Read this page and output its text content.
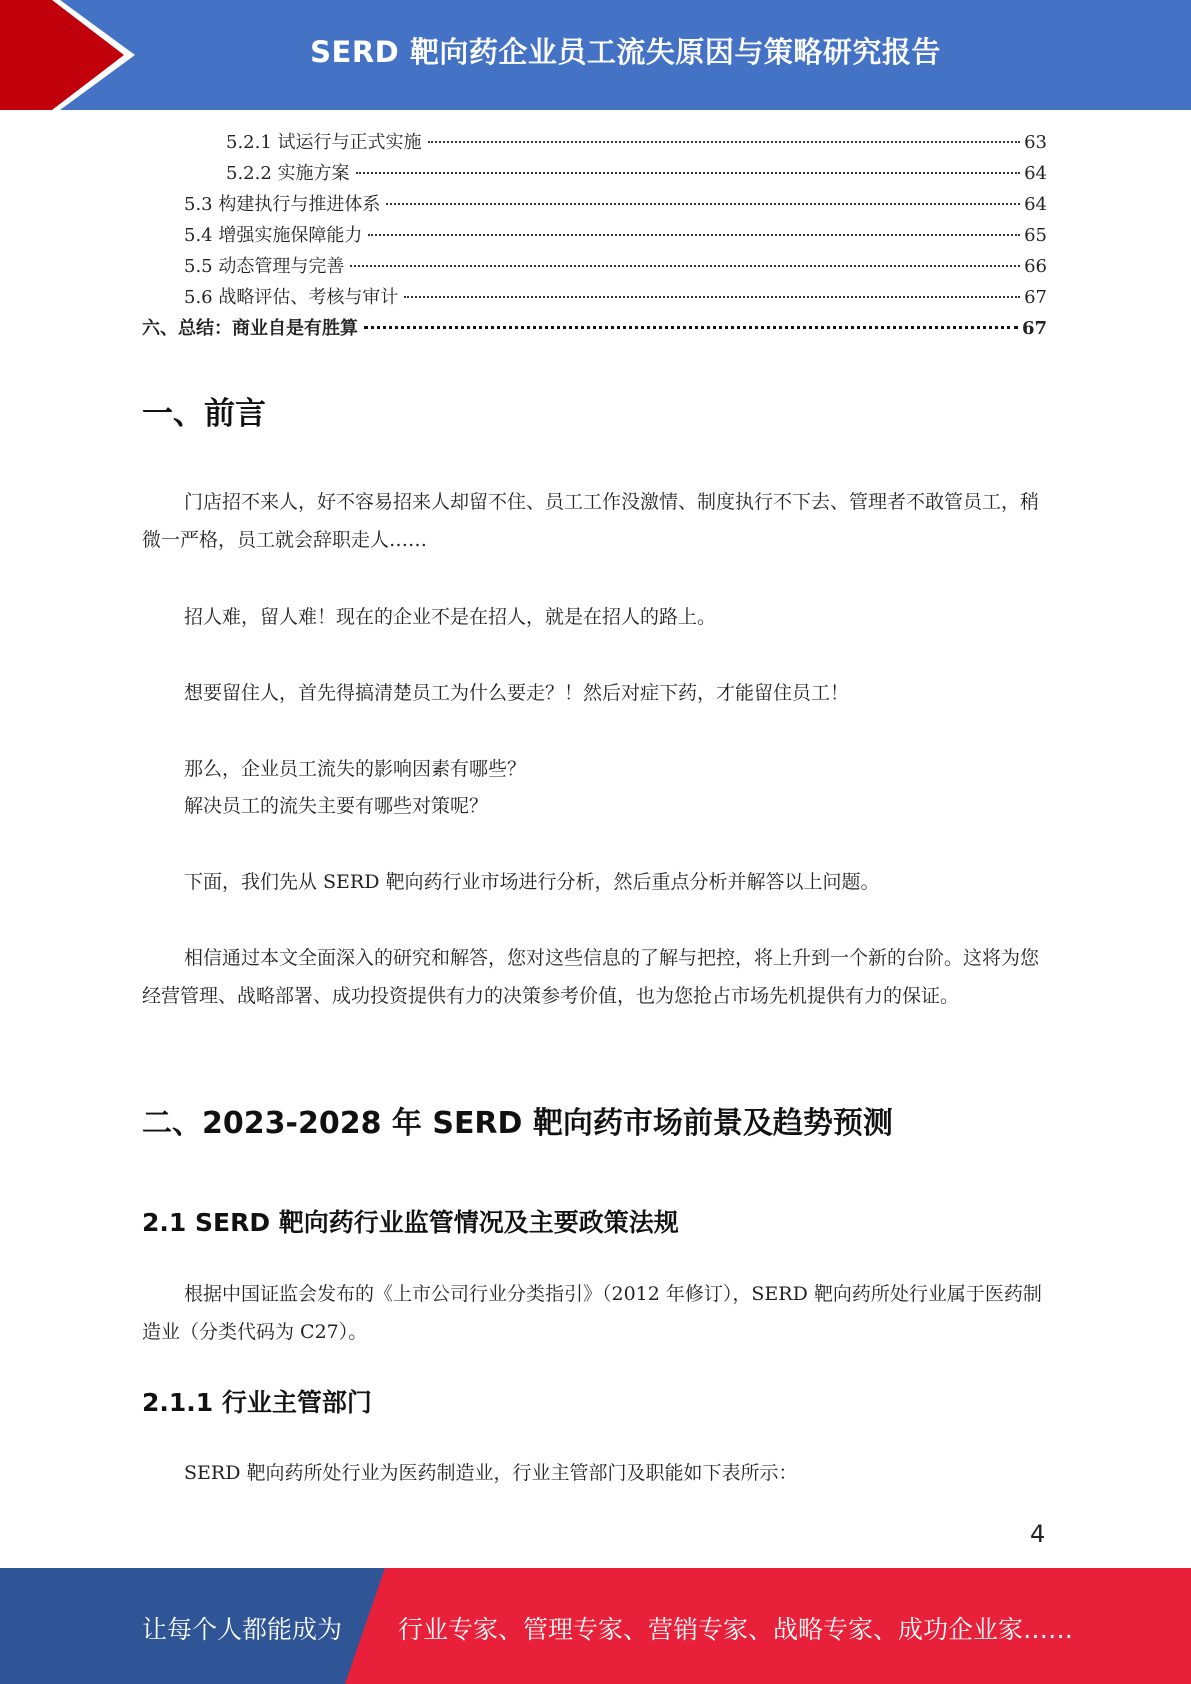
SERD 靶向药企业员工流失原因与策略研究报告
5.2.1 试运行与正式实施	63
5.2.2 实施方案	64
5.3 构建执行与推进体系	64
5.4 增强实施保障能力	65
5.5 动态管理与完善	66
5.6 战略评估、考核与审计	67
六、总结：商业自是有胜算	67
一、前言

门店招不来人，好不容易招来人却留不住、员工工作没激情、制度执行不下去、管理者不敢管员工，稍微一严格，员工就会辞职走人……

招人难，留人难！现在的企业不是在招人，就是在招人的路上。

想要留住人，首先得搞清楚员工为什么要走？！然后对症下药，才能留住员工！

那么，企业员工流失的影响因素有哪些？

解决员工的流失主要有哪些对策呢？

下面，我们先从 SERD 靶向药行业市场进行分析，然后重点分析并解答以上问题。

相信通过本文全面深入的研究和解答，您对这些信息的了解与把控，将上升到一个新的台阶。这将为您经营管理、战略部署、成功投资提供有力的决策参考价值，也为您抢占市场先机提供有力的保证。

二、2023-2028 年 SERD 靶向药市场前景及趋势预测
2.1 SERD 靶向药行业监管情况及主要政策法规

根据中国证监会发布的《上市公司行业分类指引》（2012 年修订），SERD 靶向药所处行业属于医药制造业（分类代码为 C27）。

2.1.1 行业主管部门

SERD 靶向药所处行业为医药制造业，行业主管部门及职能如下表所示：

4
让每个人都能成为 行业专家、管理专家、营销专家、战略专家、成功企业家……
